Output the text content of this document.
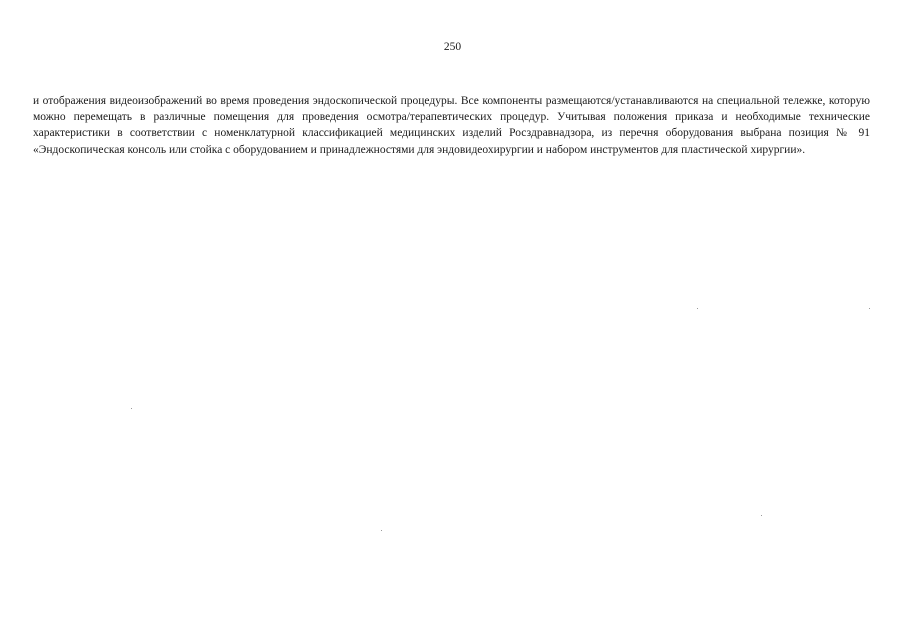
250

и отображения видеоизображений во время проведения эндоскопической процедуры. Все компоненты размещаются/устанавливаются на специальной тележке, которую можно перемещать в различные помещения для проведения осмотра/терапевтических процедур. Учитывая положения приказа и необходимые технические характеристики в соответствии с номенклатурной классификацией медицинских изделий Росздравнадзора, из перечня оборудования выбрана позиция № 91 «Эндоскопическая консоль или стойка с оборудованием и принадлежностями для эндовидеохирургии и набором инструментов для пластической хирургии».
